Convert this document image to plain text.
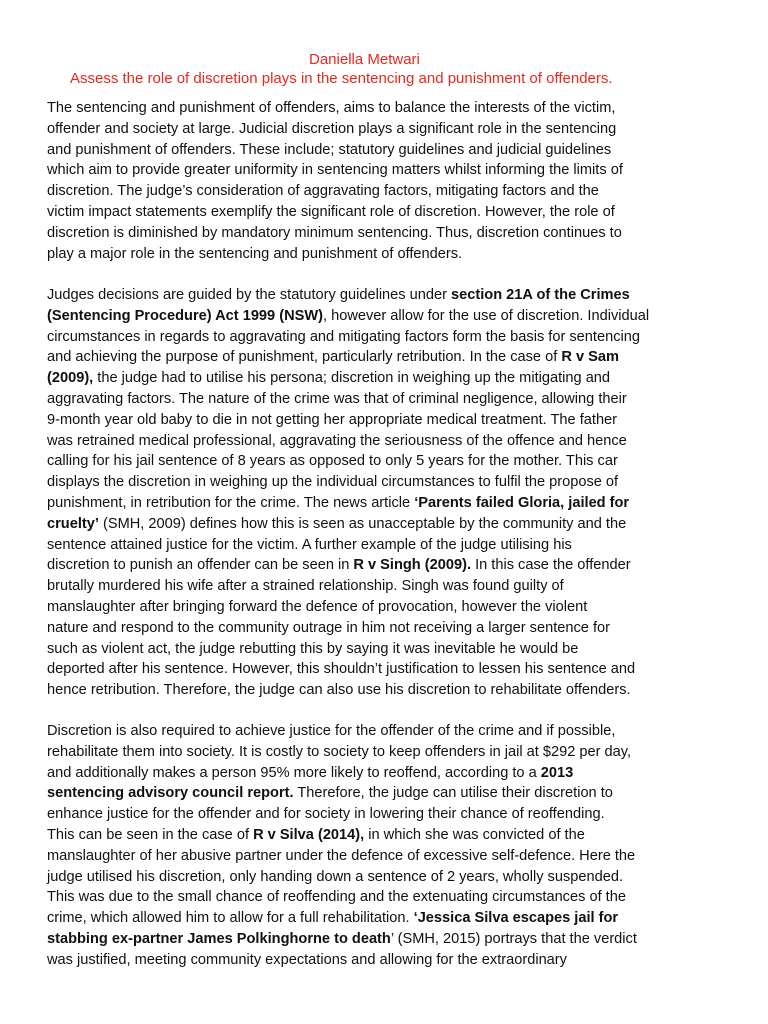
Daniella Metwari
Assess the role of discretion plays in the sentencing and punishment of offenders.
The sentencing and punishment of offenders, aims to balance the interests of the victim,
offender and society at large. Judicial discretion plays a significant role in the sentencing
and punishment of offenders. These include; statutory guidelines and judicial guidelines
which aim to provide greater uniformity in sentencing matters whilst informing the limits of
discretion. The judge’s consideration of aggravating factors, mitigating factors and the
victim impact statements exemplify the significant role of discretion. However, the role of
discretion is diminished by mandatory minimum sentencing. Thus, discretion continues to
play a major role in the sentencing and punishment of offenders.
Judges decisions are guided by the statutory guidelines under section 21A of the Crimes
(Sentencing Procedure) Act 1999 (NSW), however allow for the use of discretion. Individual
circumstances in regards to aggravating and mitigating factors form the basis for sentencing
and achieving the purpose of punishment, particularly retribution. In the case of R v Sam
(2009), the judge had to utilise his persona; discretion in weighing up the mitigating and
aggravating factors. The nature of the crime was that of criminal negligence, allowing their
9-month year old baby to die in not getting her appropriate medical treatment. The father
was retrained medical professional, aggravating the seriousness of the offence and hence
calling for his jail sentence of 8 years as opposed to only 5 years for the mother. This car
displays the discretion in weighing up the individual circumstances to fulfil the propose of
punishment, in retribution for the crime. The news article ‘Parents failed Gloria, jailed for
cruelty’ (SMH, 2009) defines how this is seen as unacceptable by the community and the
sentence attained justice for the victim. A further example of the judge utilising his
discretion to punish an offender can be seen in R v Singh (2009). In this case the offender
brutally murdered his wife after a strained relationship. Singh was found guilty of
manslaughter after bringing forward the defence of provocation, however the violent
nature and respond to the community outrage in him not receiving a larger sentence for
such as violent act, the judge rebutting this by saying it was inevitable he would be
deported after his sentence. However, this shouldn’t justification to lessen his sentence and
hence retribution. Therefore, the judge can also use his discretion to rehabilitate offenders.
Discretion is also required to achieve justice for the offender of the crime and if possible,
rehabilitate them into society. It is costly to society to keep offenders in jail at $292 per day,
and additionally makes a person 95% more likely to reoffend, according to a 2013
sentencing advisory council report. Therefore, the judge can utilise their discretion to
enhance justice for the offender and for society in lowering their chance of reoffending.
This can be seen in the case of R v Silva (2014), in which she was convicted of the
manslaughter of her abusive partner under the defence of excessive self-defence. Here the
judge utilised his discretion, only handing down a sentence of 2 years, wholly suspended.
This was due to the small chance of reoffending and the extenuating circumstances of the
crime, which allowed him to allow for a full rehabilitation. ‘Jessica Silva escapes jail for
stabbing ex-partner James Polkinghorne to death’ (SMH, 2015) portrays that the verdict
was justified, meeting community expectations and allowing for the extraordinary
